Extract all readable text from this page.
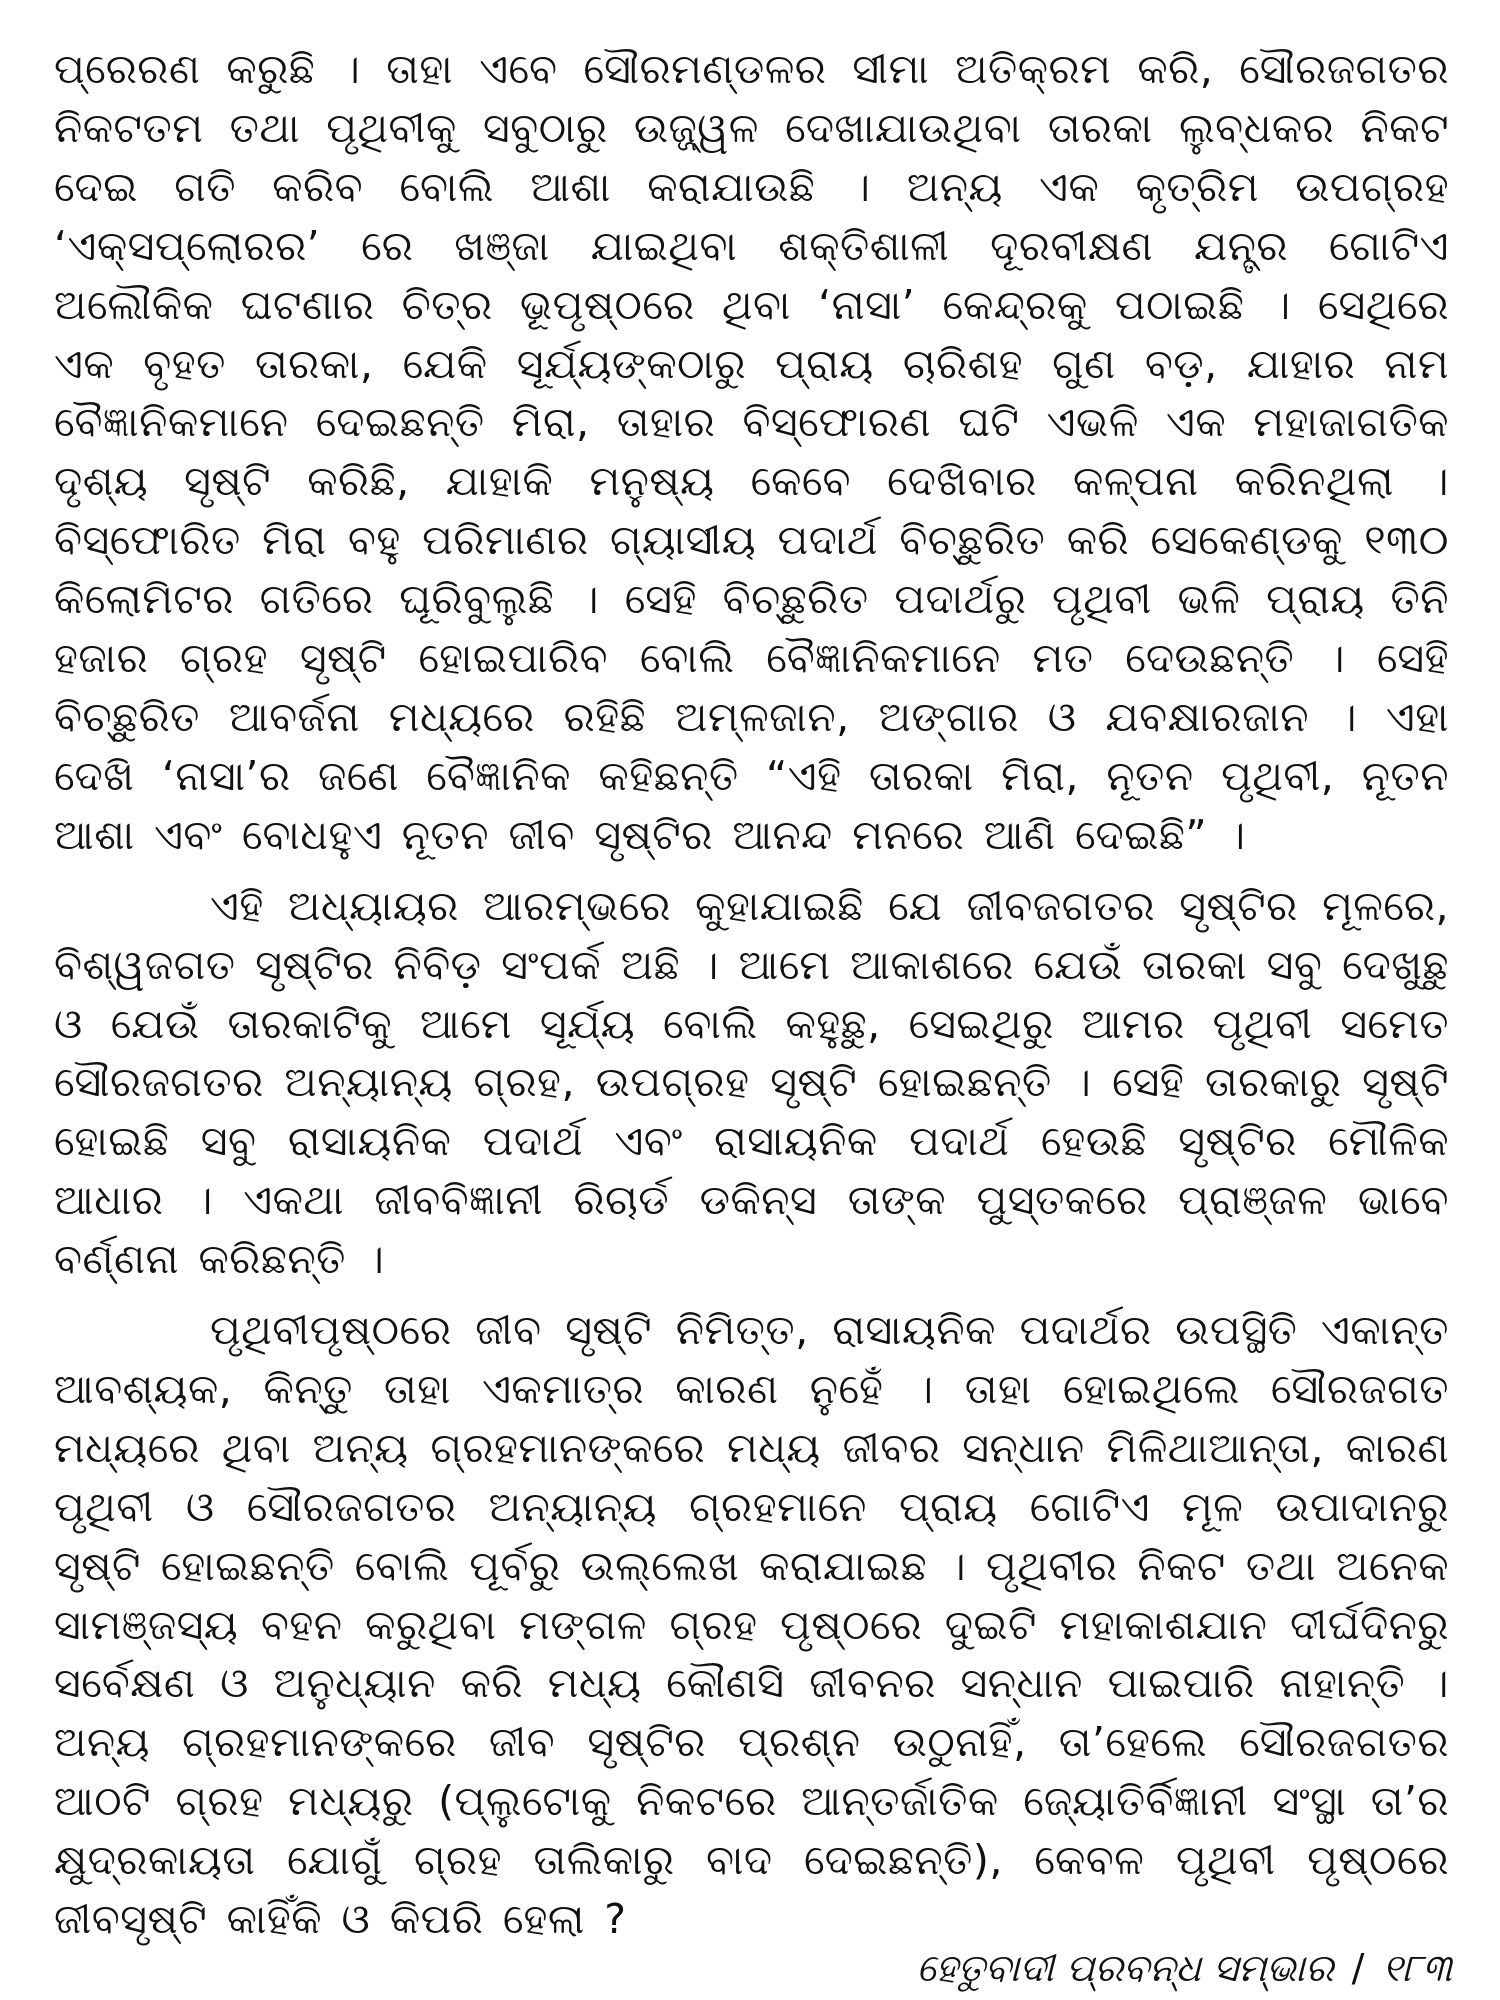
ପ୍ରେରଣ କରୁଛି । ତାହା ଏବେ ସୌରମଣ୍ଡଳର ସୀମା ଅତିକ୍ରମ କରି, ସୌରଜଗତର ନିକଟତମ ତଥା ପୃଥିବୀକୁ ସବୁଠାରୁ ଉଜ୍ଜ୍ୱଳ ଦେଖାଯାଉଥିବା ତାରକା ଲୁବ୍ଧକର ନିକଟ ଦେଇ ଗତି କରିବ ବୋଲି ଆଶା କରାଯାଉଛି । ଅନ୍ୟ ଏକ କୃତ୍ରିମ ଉପଗ୍ରହ ‘ଏକ୍ସପ୍ଲୋରର’ ରେ ଖଞ୍ଜା ଯାଇଥିବା ଶକ୍ତିଶାଳୀ ଦୂରବୀକ୍ଷଣ ଯନ୍ତ୍ର ଗୋଟିଏ ଅଲୌକିକ ଘଟଣାର ଚିତ୍ର ଭୂପୃଷ୍ଠରେ ଥିବା ‘ନାସା’ କେନ୍ଦ୍ରକୁ ପଠାଇଛି । ସେଥିରେ ଏକ ବୃହତ ତାରକା, ଯେକି ସୂର୍ଯ୍ୟଙ୍କଠାରୁ ପ୍ରାୟ ଚାରିଶହ ଗୁଣ ବଡ଼, ଯାହାର ନାମ ବୈଜ୍ଞାନିକମାନେ ଦେଇଛନ୍ତି ମିରା, ତାହାର ବିସ୍ଫୋରଣ ଘଟି ଏଭଳି ଏକ ମହାଜାଗତିକ ଦୃଶ୍ୟ ସୃଷ୍ଟି କରିଛି, ଯାହାକି ମନୁଷ୍ୟ କେବେ ଦେଖିବାର କଳ୍ପନା କରିନଥିଲା । ବିସ୍ଫୋରିତ ମିରା ବହୁ ପରିମାଣର ଗ୍ୟାସୀୟ ପଦାର୍ଥ ବିଚ୍ଛୁରିତ କରି ସେକେଣ୍ଡକୁ ୧୩୦ କିଲୋମିଟର ଗତିରେ ଘୂରିବୁଲୁଛି । ସେହି ବିଚ୍ଛୁରିତ ପଦାର୍ଥରୁ ପୃଥିବୀ ଭଳି ପ୍ରାୟ ତିନି ହଜାର ଗ୍ରହ ସୃଷ୍ଟି ହୋଇପାରିବ ବୋଲି ବୈଜ୍ଞାନିକମାନେ ମତ ଦେଉଛନ୍ତି । ସେହି ବିଚ୍ଛୁରିତ ଆବର୍ଜନା ମଧ୍ୟରେ ରହିଛି ଅମ୍ଳଜାନ, ଅଙ୍ଗାର ଓ ଯବକ୍ଷାରଜାନ । ଏହା ଦେଖି ‘ନାସା’ର ଜଣେ ବୈଜ୍ଞାନିକ କହିଛନ୍ତି “ଏହି ତାରକା ମିରା, ନୂତନ ପୃଥିବୀ, ନୂତନ ଆଶା ଏବଂ ବୋଧହୁଏ ନୂତନ ଜୀବ ସୃଷ୍ଟିର ଆନନ୍ଦ ମନରେ ଆଣି ଦେଇଛି” ।

ଏହି ଅଧ୍ୟାୟର ଆରମ୍ଭରେ କୁହାଯାଇଛି ଯେ ଜୀବଜଗତର ସୃଷ୍ଟିର ମୂଳରେ, ବିଶ୍ୱଜଗତ ସୃଷ୍ଟିର ନିବିଡ଼ ସଂପର୍କ ଅଛି । ଆମେ ଆକାଶରେ ଯେଉଁ ତାରକା ସବୁ ଦେଖୁଛୁ ଓ ଯେଉଁ ତାରକାଟିକୁ ଆମେ ସୂର୍ଯ୍ୟ ବୋଲି କହୁଛୁ, ସେଇଥିରୁ ଆମର ପୃଥିବୀ ସମେତ ସୌରଜଗତର ଅନ୍ୟାନ୍ୟ ଗ୍ରହ, ଉପଗ୍ରହ ସୃଷ୍ଟି ହୋଇଛନ୍ତି । ସେହି ତାରକାରୁ ସୃଷ୍ଟି ହୋଇଛି ସବୁ ରାସାୟନିକ ପଦାର୍ଥ ଏବଂ ରାସାୟନିକ ପଦାର୍ଥ ହେଉଛି ସୃଷ୍ଟିର ମୌଳିକ ଆଧାର । ଏକଥା ଜୀବବିଜ୍ଞାନୀ ରିଚାର୍ଡ ଡକିନ୍ସ ତାଙ୍କ ପୁସ୍ତକରେ ପ୍ରାଞ୍ଜଳ ଭାବେ ବର୍ଣ୍ଣନା କରିଛନ୍ତି ।

ପୃଥିବୀପୃଷ୍ଠରେ ଜୀବ ସୃଷ୍ଟି ନିମିତ୍ତ, ରାସାୟନିକ ପଦାର୍ଥର ଉପସ୍ଥିତି ଏକାନ୍ତ ଆବଶ୍ୟକ, କିନ୍ତୁ ତାହା ଏକମାତ୍ର କାରଣ ନୁହେଁ । ତାହା ହୋଇଥିଲେ ସୌରଜଗତ ମଧ୍ୟରେ ଥିବା ଅନ୍ୟ ଗ୍ରହମାନଙ୍କରେ ମଧ୍ୟ ଜୀବର ସନ୍ଧାନ ମିଳିଥାଆନ୍ତା, କାରଣ ପୃଥିବୀ ଓ ସୌରଜଗତର ଅନ୍ୟାନ୍ୟ ଗ୍ରହମାନେ ପ୍ରାୟ ଗୋଟିଏ ମୂଳ ଉପାଦାନରୁ ସୃଷ୍ଟି ହୋଇଛନ୍ତି ବୋଲି ପୂର୍ବରୁ ଉଲ୍ଲେଖ କରାଯାଇଛ । ପୃଥିବୀର ନିକଟ ତଥା ଅନେକ ସାମଞ୍ଜସ୍ୟ ବହନ କରୁଥିବା ମଙ୍ଗଳ ଗ୍ରହ ପୃଷ୍ଠରେ ଦୁଇଟି ମହାକାଶଯାନ ଦୀର୍ଘଦିନରୁ ସର୍ବେକ୍ଷଣ ଓ ଅନୁଧ୍ୟାନ କରି ମଧ୍ୟ କୌଣସି ଜୀବନର ସନ୍ଧାନ ପାଇପାରି ନାହାନ୍ତି । ଅନ୍ୟ ଗ୍ରହମାନଙ୍କରେ ଜୀବ ସୃଷ୍ଟିର ପ୍ରଶ୍ନ ଉଠୁନାହିଁ, ତା’ହେଲେ ସୌରଜଗତର ଆଠଟି ଗ୍ରହ ମଧ୍ୟରୁ (ପ୍ଲୁଟୋକୁ ନିକଟରେ ଆନ୍ତର୍ଜାତିକ ଜ୍ୟୋତିର୍ବିଜ୍ଞାନୀ ସଂସ୍ଥା ତା’ର କ୍ଷୁଦ୍ରକାୟତା ଯୋଗୁଁ ଗ୍ରହ ତାଲିକାରୁ ବାଦ ଦେଇଛନ୍ତି), କେବଳ ପୃଥିବୀ ପୃଷ୍ଠରେ ଜୀବସୃଷ୍ଟି କାହିଁକି ଓ କିପରି ହେଲା ?

ହେତୁବାଦୀ ପ୍ରବନ୍ଧ ସମ୍ଭାର / ୧୮୩
